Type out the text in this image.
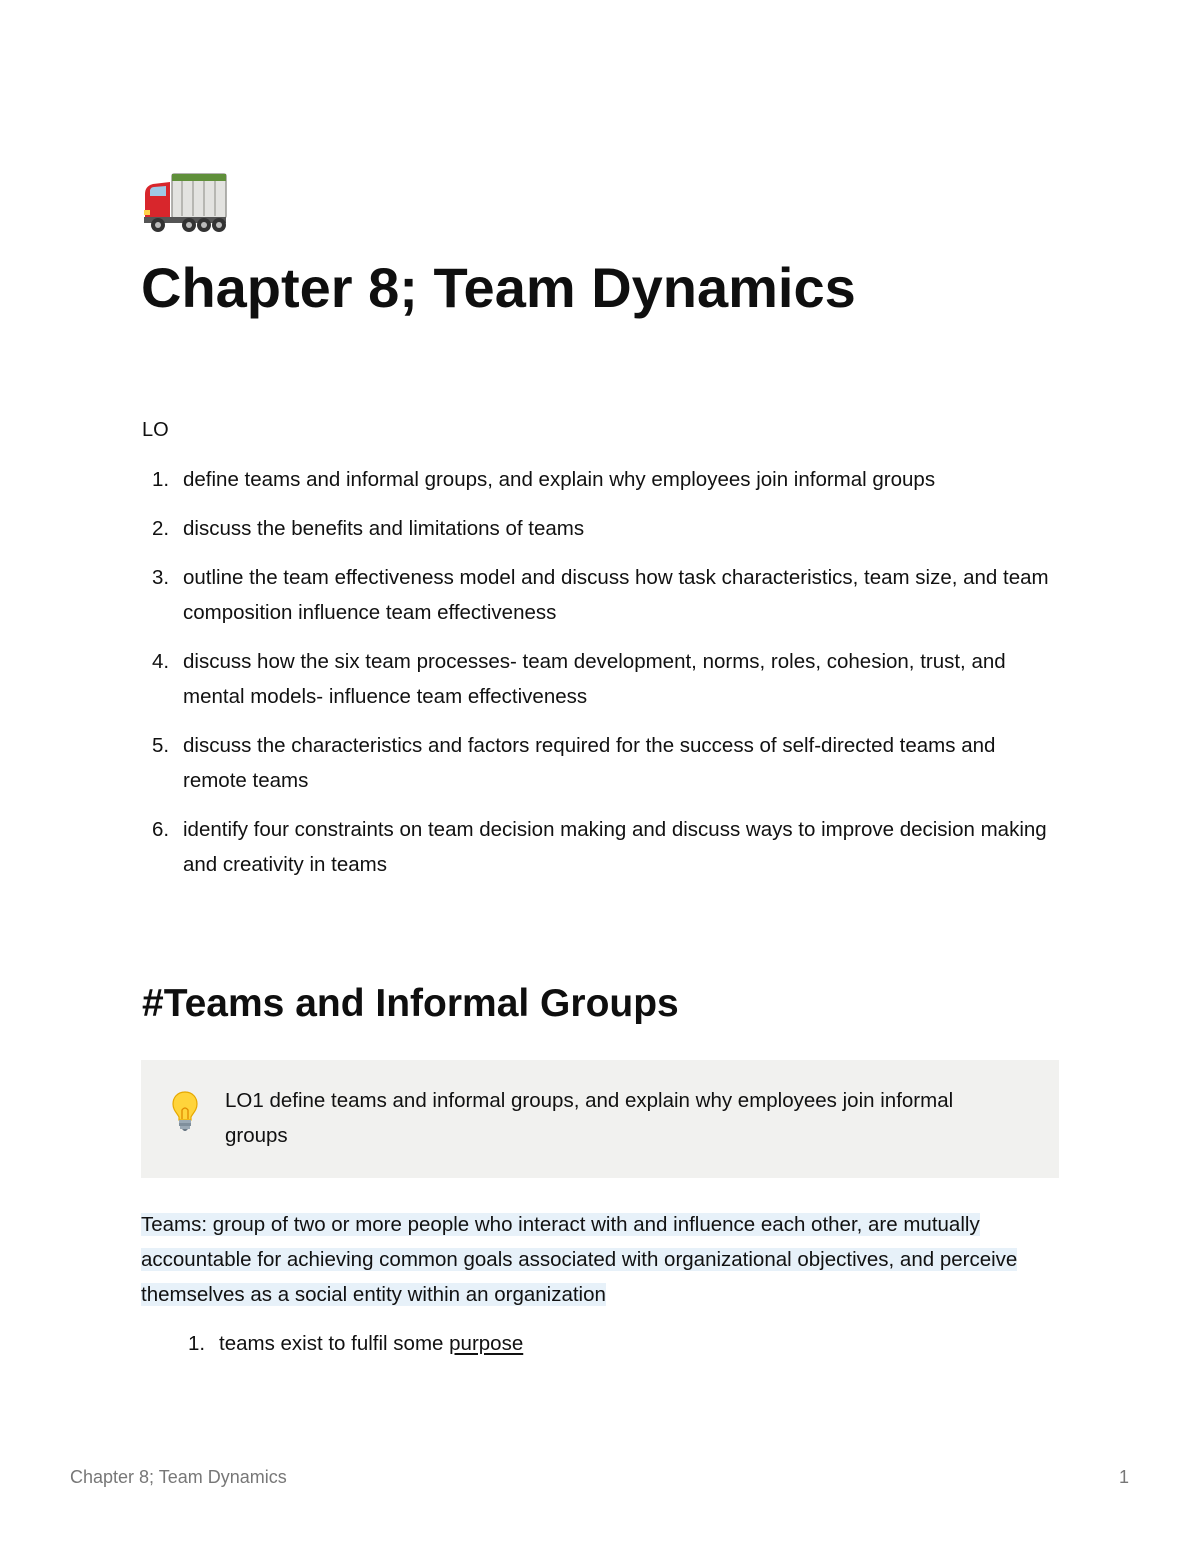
Chapter 8; Team Dynamics
LO
1. define teams and informal groups, and explain why employees join informal groups
2. discuss the benefits and limitations of teams
3. outline the team effectiveness model and discuss how task characteristics, team size, and team composition influence team effectiveness
4. discuss how the six team processes- team development, norms, roles, cohesion, trust, and mental models- influence team effectiveness
5. discuss the characteristics and factors required for the success of self-directed teams and remote teams
6. identify four constraints on team decision making and discuss ways to improve decision making and creativity in teams
#Teams and Informal Groups
LO1 define teams and informal groups, and explain why employees join informal groups

Teams: group of two or more people who interact with and influence each other, are mutually accountable for achieving common goals associated with organizational objectives, and perceive themselves as a social entity within an organization

1. teams exist to fulfil some purpose
Chapter 8; Team Dynamics	1
